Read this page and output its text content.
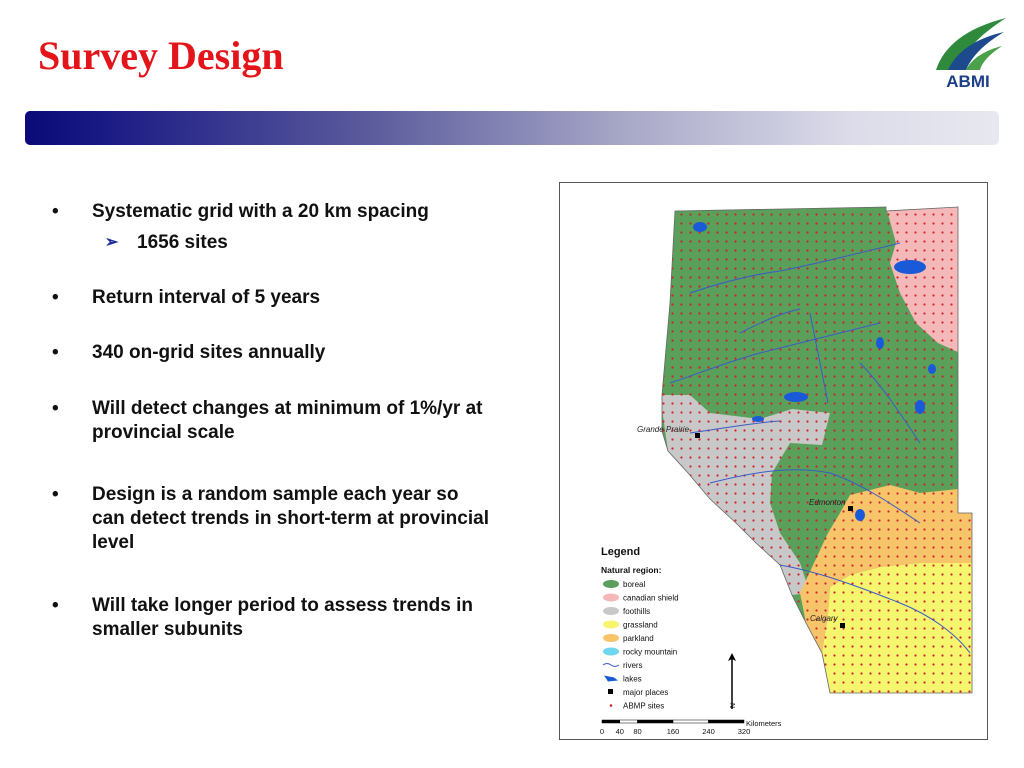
Survey Design
ABMI
•	Systematic grid with a 20 km spacing
➢ 1656 sites
•	Return interval of 5 years
•	340 on-grid sites annually
•	Will detect changes at minimum of 1%/yr at provincial scale
•	Design is a random sample each year so can detect trends in short-term at provincial level
•	Will take longer period to assess trends in smaller subunits
Grande Prairie
Edmonton
Calgary
Legend
Natural region:
boreal
canadian shield
foothills
grassland
parkland
rocky mountain
rivers
lakes
major places
ABMP sites	N
Kilometers
0 40 80	160	240	320
